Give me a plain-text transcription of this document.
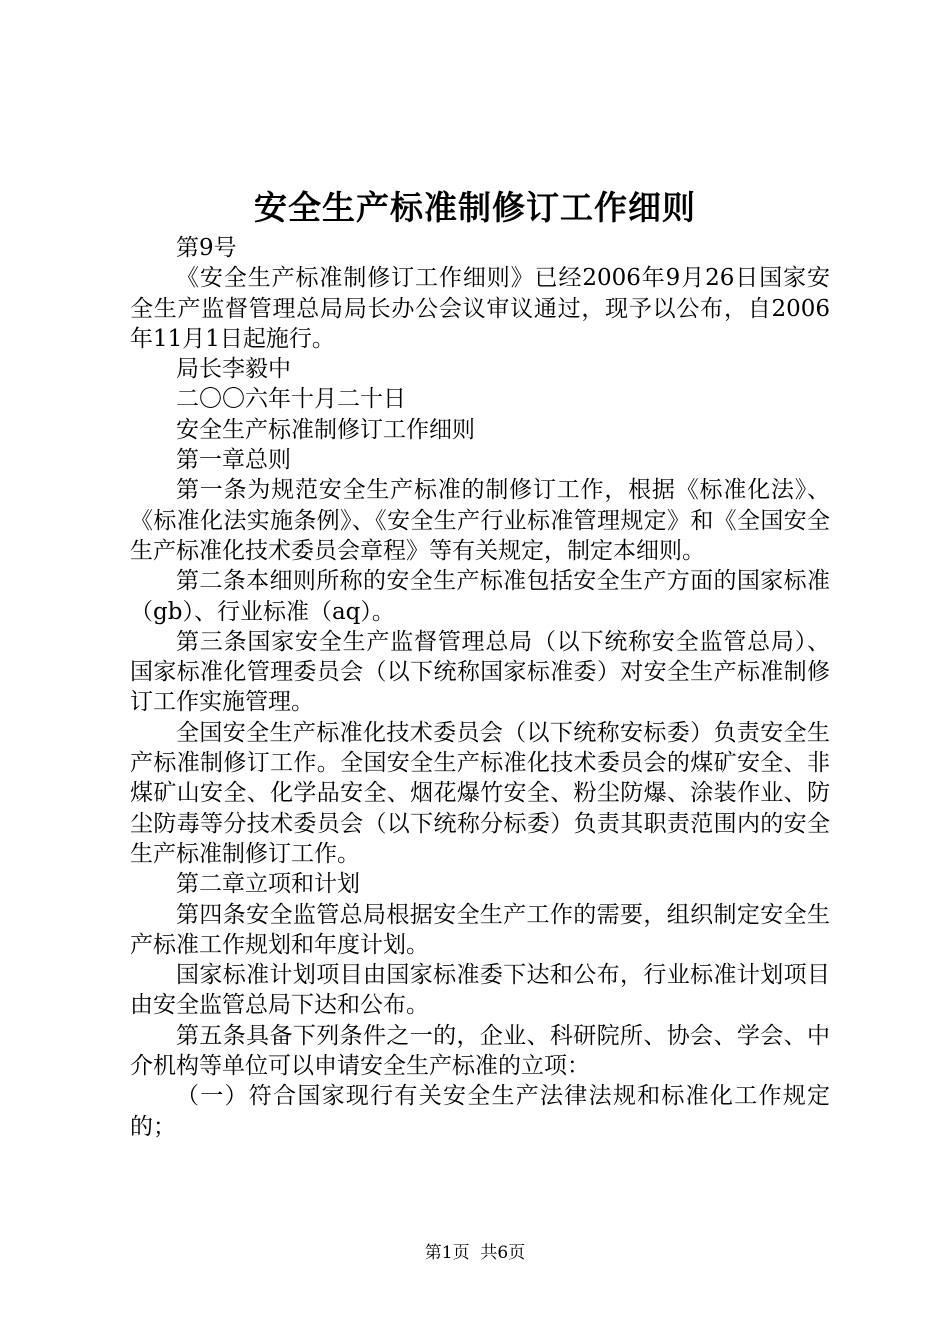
安全生产标准制修订工作细则

第9号

《安全生产标准制修订工作细则》已经2006年9月26日国家安全生产监督管理总局局长办公会议审议通过，现予以公布，自2006年11月1日起施行。

局长李毅中

二〇〇六年十月二十日

安全生产标准制修订工作细则

第一章总则

第一条为规范安全生产标准的制修订工作，根据《标准化法》、《标准化法实施条例》、《安全生产行业标准管理规定》和《全国安全生产标准化技术委员会章程》等有关规定，制定本细则。

第二条本细则所称的安全生产标准包括安全生产方面的国家标准（gb）、行业标准（aq）。

第三条国家安全生产监督管理总局（以下统称安全监管总局）、国家标准化管理委员会（以下统称国家标准委）对安全生产标准制修订工作实施管理。

全国安全生产标准化技术委员会（以下统称安标委）负责安全生产标准制修订工作。全国安全生产标准化技术委员会的煤矿安全、非煤矿山安全、化学品安全、烟花爆竹安全、粉尘防爆、涂装作业、防尘防毒等分技术委员会（以下统称分标委）负责其职责范围内的安全生产标准制修订工作。

第二章立项和计划

第四条安全监管总局根据安全生产工作的需要，组织制定安全生产标准工作规划和年度计划。

国家标准计划项目由国家标准委下达和公布，行业标准计划项目由安全监管总局下达和公布。

第五条具备下列条件之一的，企业、科研院所、协会、学会、中介机构等单位可以申请安全生产标准的立项：

（一）符合国家现行有关安全生产法律法规和标准化工作规定的；

第1页 共6页
